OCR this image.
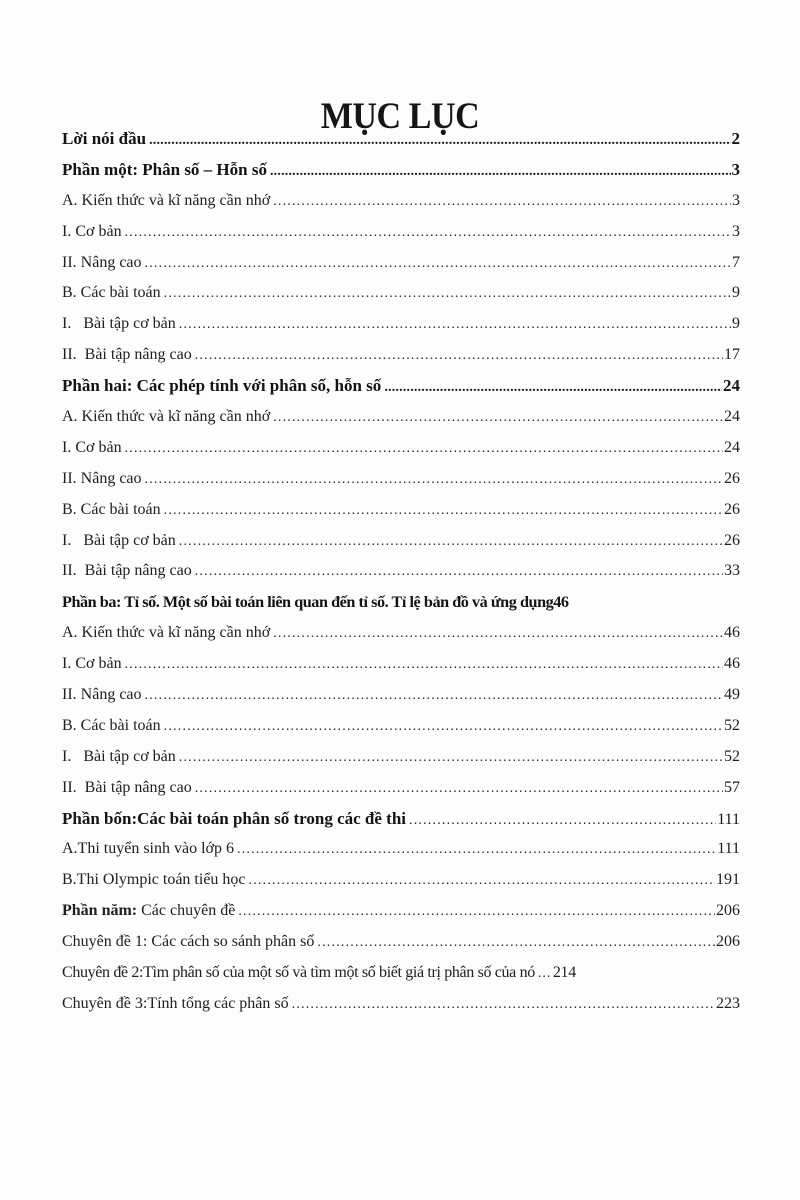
MỤC LỤC
Lời nói đầu .....	2
Phần một: Phân số – Hỗn số .....	3
A. Kiến thức và kĩ năng cần nhớ .....	3
I. Cơ bản .....	3
II. Nâng cao .....	7
B. Các bài toán .....	9
I.   Bài tập cơ bản .....	9
II.  Bài tập nâng cao .....	17
Phần hai: Các phép tính với phân số, hỗn số .....	24
A. Kiến thức và kĩ năng cần nhớ .....	24
I. Cơ bản .....	24
II. Nâng cao .....	26
B. Các bài toán .....	26
I.   Bài tập cơ bản .....	26
II.  Bài tập nâng cao .....	33
Phần ba: Tỉ số. Một số bài toán liên quan đến tỉ số. Tỉ lệ bản đồ và ứng dụng 46
A. Kiến thức và kĩ năng cần nhớ .....	46
I. Cơ bản .....	46
II. Nâng cao .....	49
B. Các bài toán .....	52
I.   Bài tập cơ bản .....	52
II.  Bài tập nâng cao .....	57
Phần bốn:Các bài toán phân số trong các đề thi .....	111
A.Thi tuyển sinh vào lớp 6 .....	111
B.Thi Olympic toán tiểu học .....	191
Phần năm: Các chuyên đề .....	206
Chuyên đề 1: Các cách so sánh phân số .....	206
Chuyên đề 2:Tìm phân số của một số và tìm một số biết giá trị phân số của nó ..... 214
Chuyên đề 3:Tính tổng các phân số .....	223
